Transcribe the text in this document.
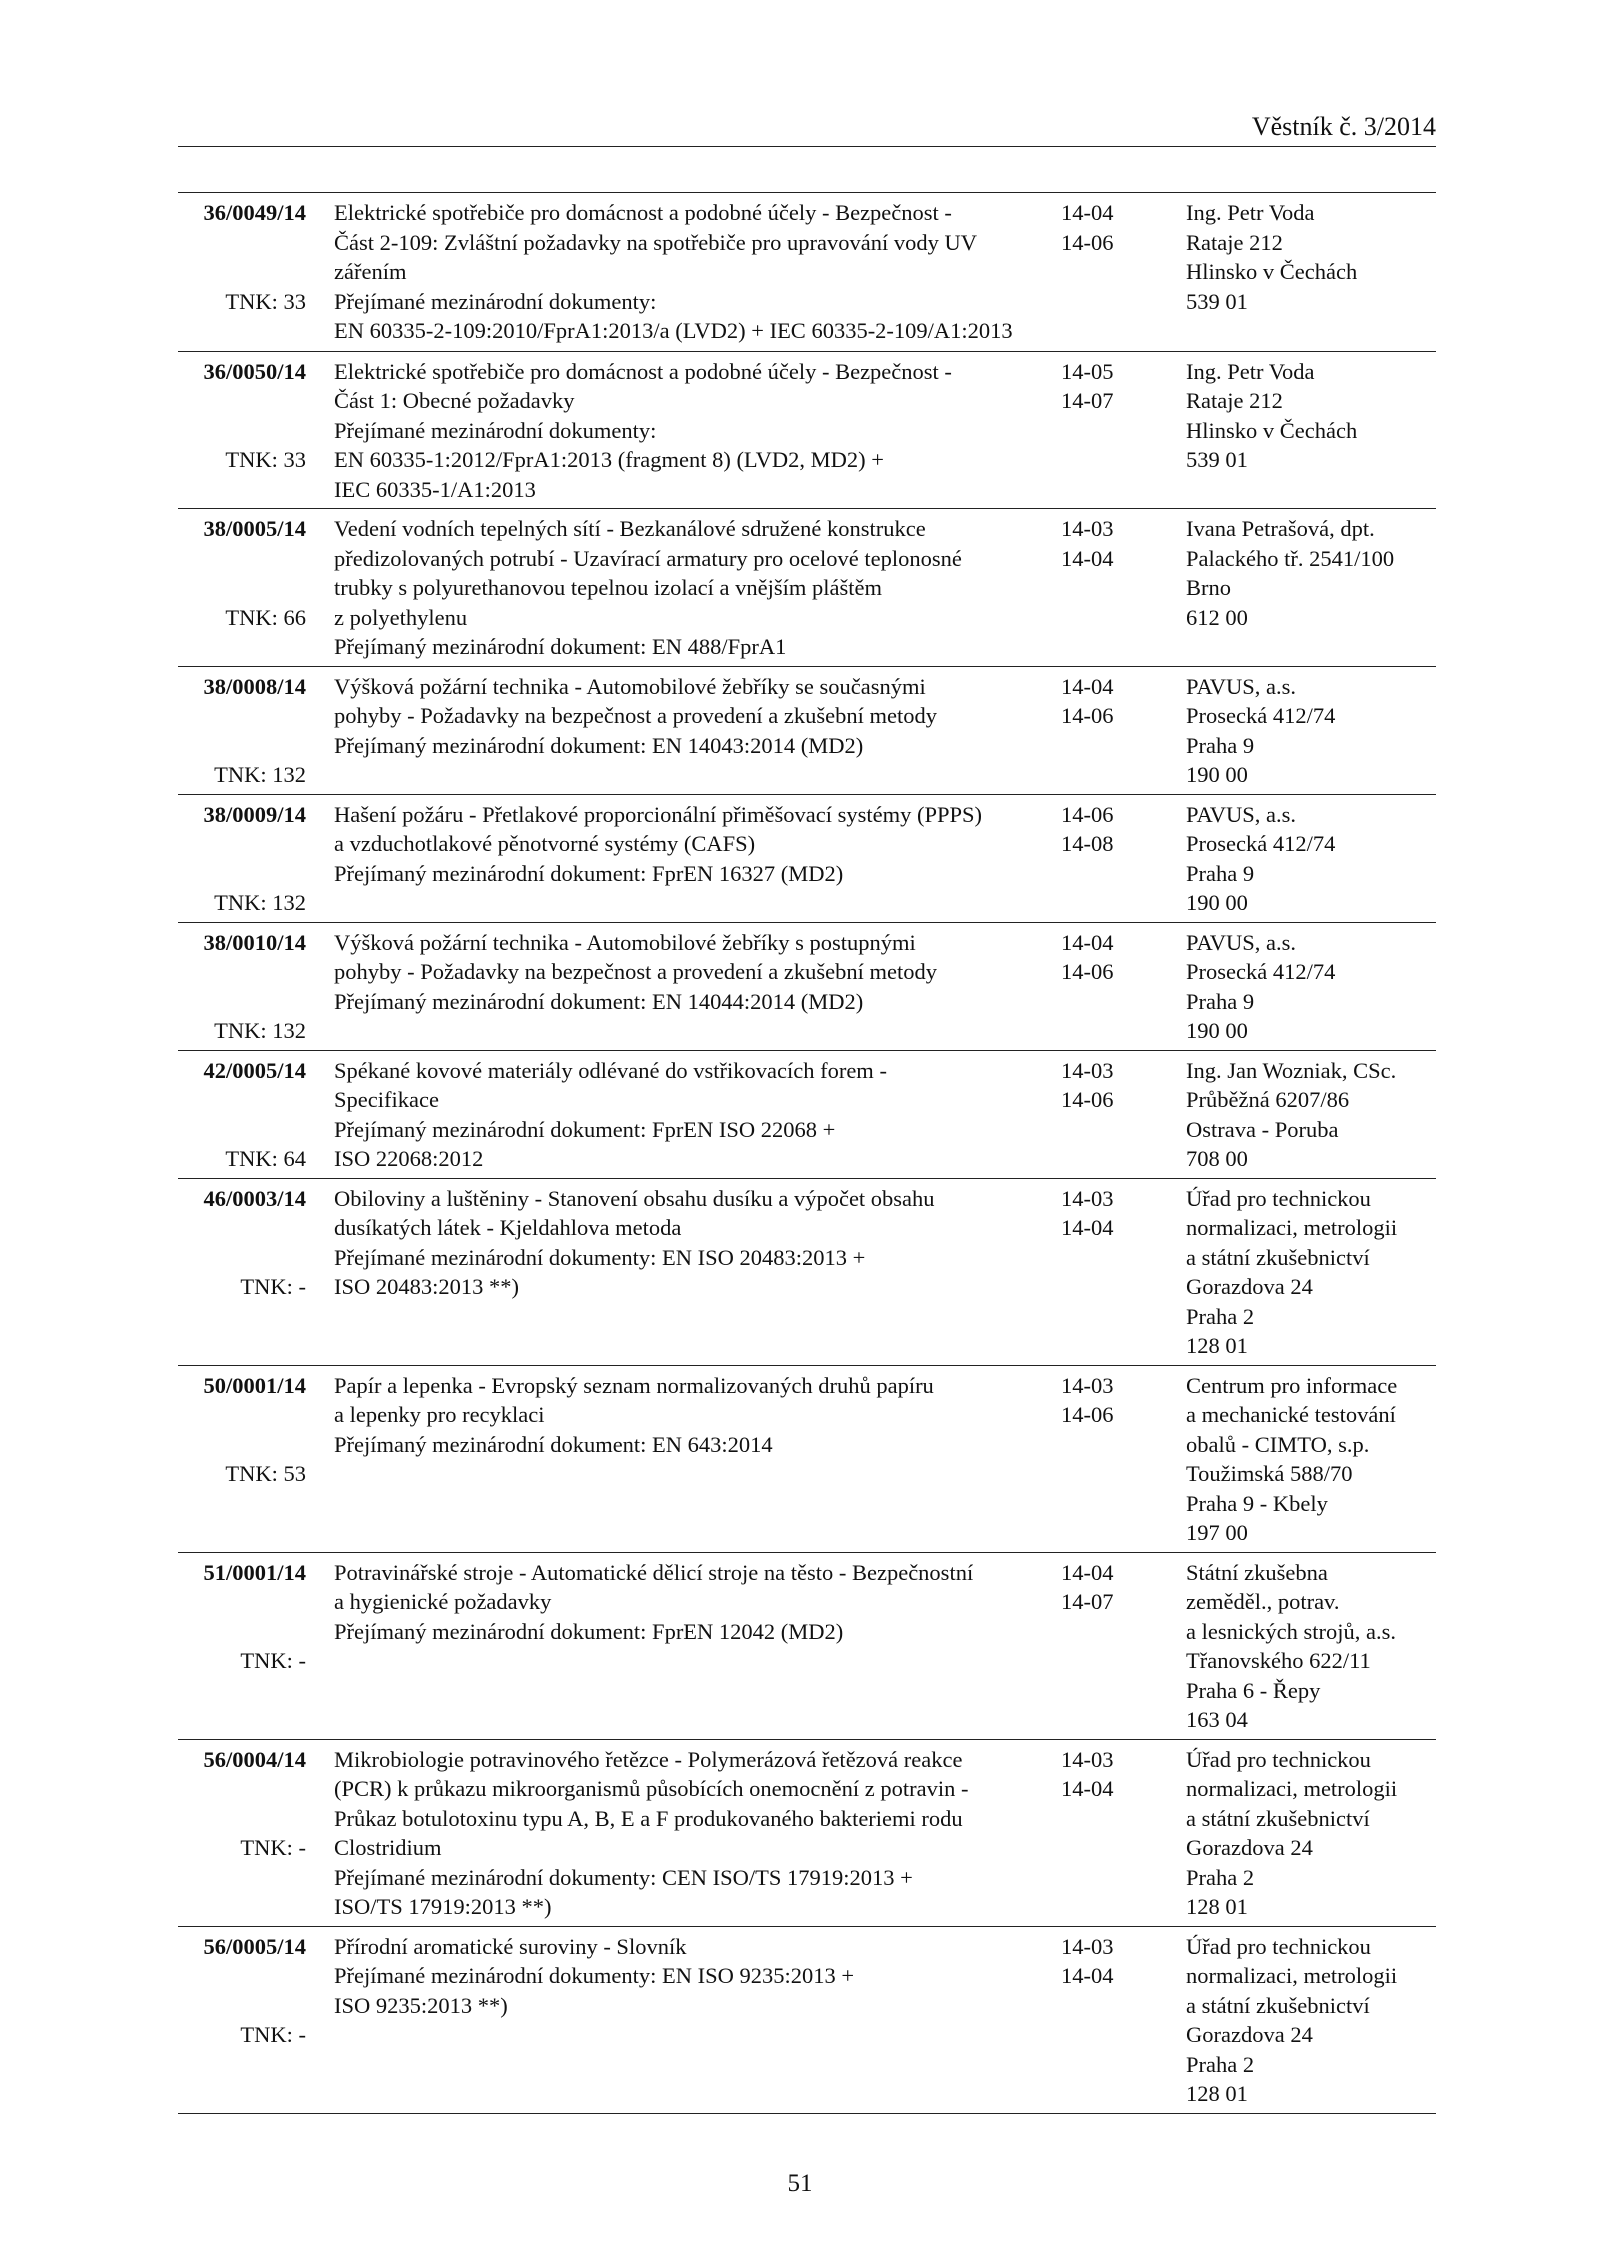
Věstník č. 3/2014
36/0049/14
TNK: 33
Elektrické spotřebiče pro domácnost a podobné účely - Bezpečnost -
Část 2-109: Zvláštní požadavky na spotřebiče pro upravování vody UV
zářením
Přejímané mezinárodní dokumenty:
EN 60335-2-109:2010/FprA1:2013/a (LVD2) + IEC 60335-2-109/A1:2013
14-04
14-06
Ing. Petr Voda
Rataje 212
Hlinsko v Čechách
539 01
36/0050/14
TNK: 33
Elektrické spotřebiče pro domácnost a podobné účely - Bezpečnost -
Část 1: Obecné požadavky
Přejímané mezinárodní dokumenty:
EN 60335-1:2012/FprA1:2013 (fragment 8) (LVD2, MD2) +
IEC 60335-1/A1:2013
14-05
14-07
Ing. Petr Voda
Rataje 212
Hlinsko v Čechách
539 01
38/0005/14
TNK: 66
Vedení vodních tepelných sítí - Bezkanálové sdružené konstrukce
předizolovaných potrubí - Uzavírací armatury pro ocelové teplonosné
trubky s polyurethanovou tepelnou izolací a vnějším pláštěm
z polyethylenu
Přejímaný mezinárodní dokument: EN 488/FprA1
14-03
14-04
Ivana Petrašová, dpt.
Palackého tř. 2541/100
Brno
612 00
38/0008/14
TNK: 132
Výšková požární technika - Automobilové žebříky se současnými
pohyby - Požadavky na bezpečnost a provedení a zkušební metody
Přejímaný mezinárodní dokument: EN 14043:2014 (MD2)
14-04
14-06
PAVUS, a.s.
Prosecká 412/74
Praha 9
190 00
38/0009/14
TNK: 132
Hašení požáru - Přetlakové proporcionální přiměšovací systémy (PPPS)
a vzduchotlakové pěnotvorné systémy (CAFS)
Přejímaný mezinárodní dokument: FprEN 16327 (MD2)
14-06
14-08
PAVUS, a.s.
Prosecká 412/74
Praha 9
190 00
38/0010/14
TNK: 132
Výšková požární technika - Automobilové žebříky s postupnými
pohyby - Požadavky na bezpečnost a provedení a zkušební metody
Přejímaný mezinárodní dokument: EN 14044:2014 (MD2)
14-04
14-06
PAVUS, a.s.
Prosecká 412/74
Praha 9
190 00
42/0005/14
TNK: 64
Spékané kovové materiály odlévané do vstřikovacích forem -
Specifikace
Přejímaný mezinárodní dokument: FprEN ISO 22068 +
ISO 22068:2012
14-03
14-06
Ing. Jan Wozniak, CSc.
Průběžná 6207/86
Ostrava - Poruba
708 00
46/0003/14
TNK: -
Obiloviny a luštěniny - Stanovení obsahu dusíku a výpočet obsahu
dusíkatých látek - Kjeldahlova metoda
Přejímané mezinárodní dokumenty: EN ISO 20483:2013 +
ISO 20483:2013 **)
14-03
14-04
Úřad pro technickou
normalizaci, metrologii
a státní zkušebnictví
Gorazdova 24
Praha 2
128 01
50/0001/14
TNK: 53
Papír a lepenka - Evropský seznam normalizovaných druhů papíru
a lepenky pro recyklaci
Přejímaný mezinárodní dokument: EN 643:2014
14-03
14-06
Centrum pro informace
a mechanické testování
obalů - CIMTO, s.p.
Toužimská 588/70
Praha 9 - Kbely
197 00
51/0001/14
TNK: -
Potravinářské stroje - Automatické dělicí stroje na těsto - Bezpečnostní
a hygienické požadavky
Přejímaný mezinárodní dokument: FprEN 12042 (MD2)
14-04
14-07
Státní zkušebna
zeměděl., potrav.
a lesnických strojů, a.s.
Třanovského 622/11
Praha 6 - Řepy
163 04
56/0004/14
TNK: -
Mikrobiologie potravinového řetězce - Polymerázová řetězová reakce
(PCR) k průkazu mikroorganismů působících onemocnění z potravin -
Průkaz botulotoxinu typu A, B, E a F produkovaného bakteriemi rodu
Clostridium
Přejímané mezinárodní dokumenty: CEN ISO/TS 17919:2013 +
ISO/TS 17919:2013 **)
14-03
14-04
Úřad pro technickou
normalizaci, metrologii
a státní zkušebnictví
Gorazdova 24
Praha 2
128 01
56/0005/14
TNK: -
Přírodní aromatické suroviny - Slovník
Přejímané mezinárodní dokumenty: EN ISO 9235:2013 +
ISO 9235:2013 **)
14-03
14-04
Úřad pro technickou
normalizaci, metrologii
a státní zkušebnictví
Gorazdova 24
Praha 2
128 01
51
